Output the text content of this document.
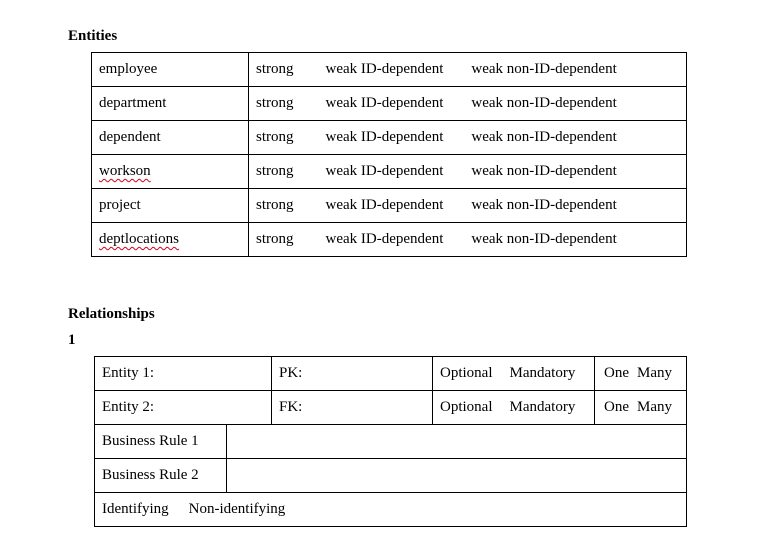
Entities
employee	strong weak ID-dependent weak non-ID-dependent
department	strong weak ID-dependent weak non-ID-dependent
dependent	strong weak ID-dependent weak non-ID-dependent
workson	strong weak ID-dependent weak non-ID-dependent
project	strong weak ID-dependent weak non-ID-dependent
deptlocations	strong weak ID-dependent weak non-ID-dependent
Relationships
1
Entity 1:		PK:	Optional Mandatory	One Many
Entity 2:		FK:	Optional Mandatory	One Many
Business Rule 1				
Business Rule 2				
Identifying Non-identifying				
